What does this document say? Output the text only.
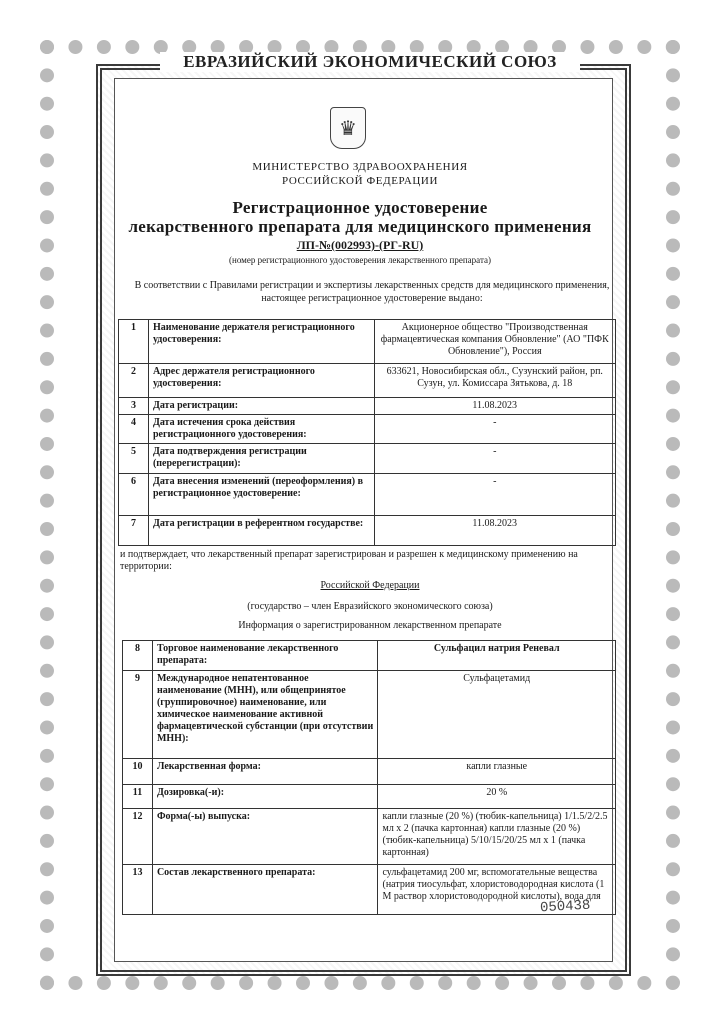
ЕВРАЗИЙСКИЙ ЭКОНОМИЧЕСКИЙ СОЮЗ
♛
МИНИСТЕРСТВО ЗДРАВООХРАНЕНИЯ
РОССИЙСКОЙ ФЕДЕРАЦИИ
Регистрационное удостоверение
лекарственного препарата для медицинского применения
ЛП-№(002993)-(РГ-RU)
(номер регистрационного удостоверения лекарственного препарата)
В соответствии с Правилами регистрации и экспертизы лекарственных средств для медицинского применения, настоящее регистрационное удостоверение выдано:
1	Наименование держателя регистрационного удостоверения:	Акционерное общество "Производственная фармацевтическая компания Обновление" (АО "ПФК Обновление"), Россия
2	Адрес держателя регистрационного удостоверения:	633621, Новосибирская обл., Сузунский район, рп. Сузун, ул. Комиссара Зятькова, д. 18
3	Дата регистрации:	11.08.2023
4	Дата истечения срока действия регистрационного удостоверения:	-
5	Дата подтверждения регистрации (перерегистрации):	-
6	Дата внесения изменений (переоформления) в регистрационное удостоверение:	-
7	Дата регистрации в референтном государстве:	11.08.2023
и подтверждает, что лекарственный препарат зарегистрирован и разрешен к медицинскому применению на территории:
Российской Федерации
(государство – член Евразийского экономического союза)
Информация о зарегистрированном лекарственном препарате
8	Торговое наименование лекарственного препарата:	Сульфацил натрия Реневал
9	Международное непатентованное наименование (МНН), или общепринятое (группировочное) наименование, или химическое наименование активной фармацевтической субстанции (при отсутствии МНН):	Сульфацетамид
10	Лекарственная форма:	капли глазные
11	Дозировка(-и):	20 %
12	Форма(-ы) выпуска:	капли глазные (20 %) (тюбик-капельница) 1/1.5/2/2.5 мл х 2 (пачка картонная) капли глазные (20 %) (тюбик-капельница) 5/10/15/20/25 мл х 1 (пачка картонная)
13	Состав лекарственного препарата:	сульфацетамид 200 мг, вспомогательные вещества (натрия тиосульфат, хлористоводородная кислота (1 М раствор хлористоводородной кислоты), вода для
050438
